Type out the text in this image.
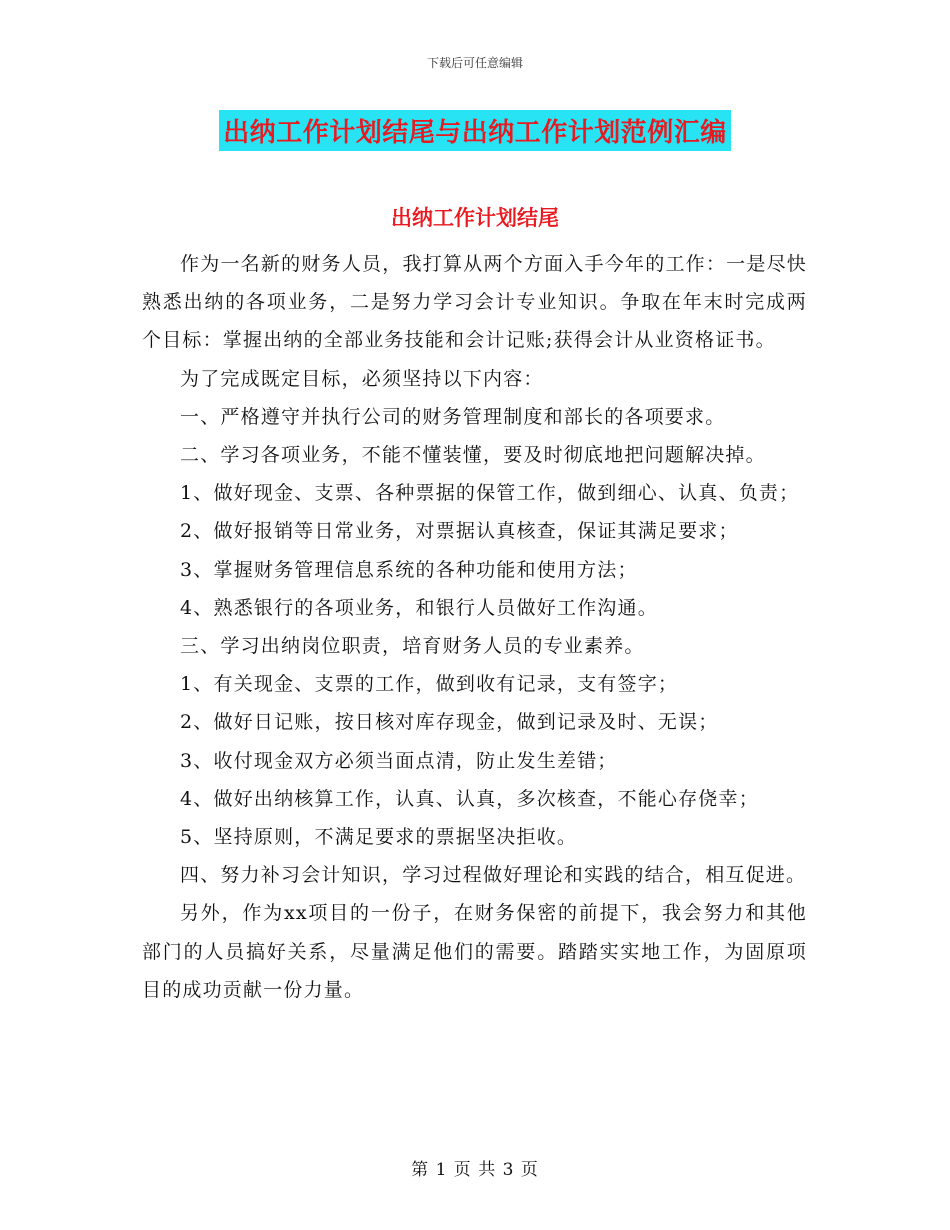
下载后可任意编辑
出纳工作计划结尾与出纳工作计划范例汇编
出纳工作计划结尾

作为一名新的财务人员，我打算从两个方面入手今年的工作：一是尽快熟悉出纳的各项业务，二是努力学习会计专业知识。争取在年末时完成两个目标：掌握出纳的全部业务技能和会计记账;获得会计从业资格证书。

为了完成既定目标，必须坚持以下内容：

一、严格遵守并执行公司的财务管理制度和部长的各项要求。

二、学习各项业务，不能不懂装懂，要及时彻底地把问题解决掉。

1、做好现金、支票、各种票据的保管工作，做到细心、认真、负责；

2、做好报销等日常业务，对票据认真核查，保证其满足要求；

3、掌握财务管理信息系统的各种功能和使用方法；

4、熟悉银行的各项业务，和银行人员做好工作沟通。

三、学习出纳岗位职责，培育财务人员的专业素养。

1、有关现金、支票的工作，做到收有记录，支有签字；

2、做好日记账，按日核对库存现金，做到记录及时、无误；

3、收付现金双方必须当面点清，防止发生差错；

4、做好出纳核算工作，认真、认真，多次核查，不能心存侥幸；

5、坚持原则，不满足要求的票据坚决拒收。

四、努力补习会计知识，学习过程做好理论和实践的结合，相互促进。

另外，作为xx项目的一份子，在财务保密的前提下，我会努力和其他部门的人员搞好关系，尽量满足他们的需要。踏踏实实地工作，为固原项目的成功贡献一份力量。

第 1 页 共 3 页
